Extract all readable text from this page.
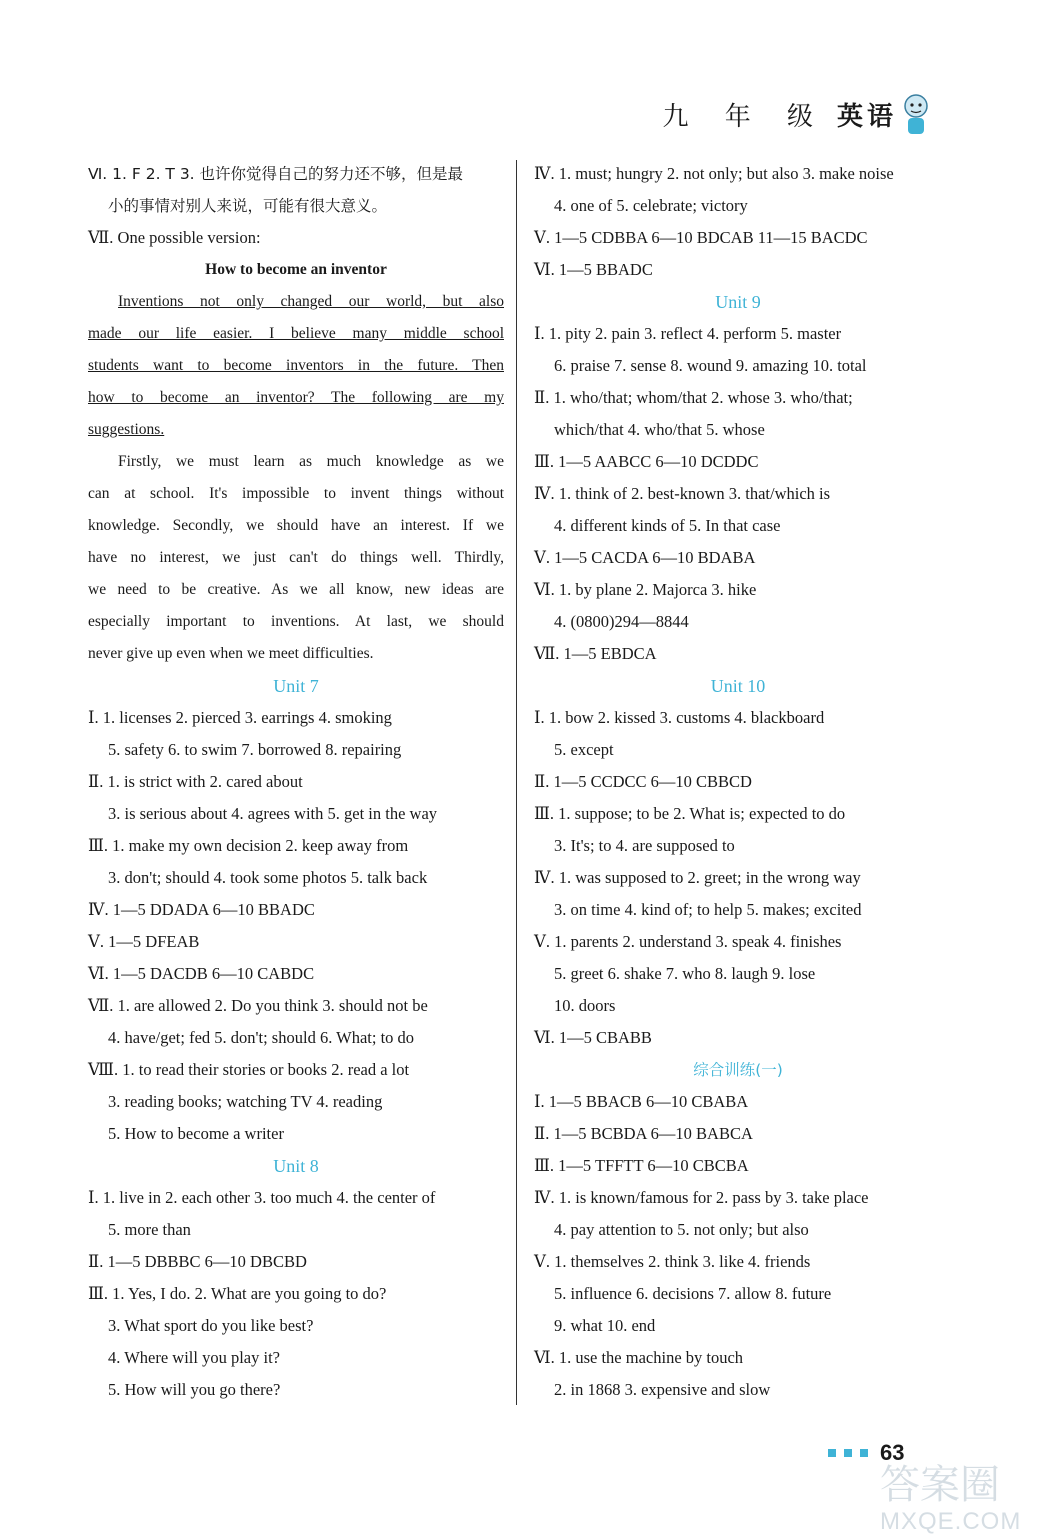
九 年 级 英语
Ⅵ. 1. F 2. T 3. 也许你觉得自己的努力还不够，但是最
小的事情对别人来说，可能有很大意义。
Ⅶ. One possible version:
How to become an inventor
Inventions not only changed our world, but also
made our life easier. I believe many middle school
students want to become inventors in the future. Then
how to become an inventor? The following are my
suggestions.
Firstly, we must learn as much knowledge as we
can at school. It's impossible to invent things without
knowledge. Secondly, we should have an interest. If we
have no interest, we just can't do things well. Thirdly,
we need to be creative. As we all know, new ideas are
especially important to inventions. At last, we should
never give up even when we meet difficulties.
Unit 7
Ⅰ. 1. licenses 2. pierced 3. earrings 4. smoking
5. safety 6. to swim 7. borrowed 8. repairing
Ⅱ. 1. is strict with 2. cared about
3. is serious about 4. agrees with 5. get in the way
Ⅲ. 1. make my own decision 2. keep away from
3. don't; should 4. took some photos 5. talk back
Ⅳ. 1—5 DDADA 6—10 BBADC
Ⅴ. 1—5 DFEAB
Ⅵ. 1—5 DACDB 6—10 CABDC
Ⅶ. 1. are allowed 2. Do you think 3. should not be
4. have/get; fed 5. don't; should 6. What; to do
Ⅷ. 1. to read their stories or books 2. read a lot
3. reading books; watching TV 4. reading
5. How to become a writer
Unit 8
Ⅰ. 1. live in 2. each other 3. too much 4. the center of
5. more than
Ⅱ. 1—5 DBBBC 6—10 DBCBD
Ⅲ. 1. Yes, I do. 2. What are you going to do?
3. What sport do you like best?
4. Where will you play it?
5. How will you go there?
Ⅳ. 1. must; hungry 2. not only; but also 3. make noise
4. one of 5. celebrate; victory
Ⅴ. 1—5 CDBBA 6—10 BDCAB 11—15 BACDC
Ⅵ. 1—5 BBADC
Unit 9
Ⅰ. 1. pity 2. pain 3. reflect 4. perform 5. master
6. praise 7. sense 8. wound 9. amazing 10. total
Ⅱ. 1. who/that; whom/that 2. whose 3. who/that;
which/that 4. who/that 5. whose
Ⅲ. 1—5 AABCC 6—10 DCDDC
Ⅳ. 1. think of 2. best-known 3. that/which is
4. different kinds of 5. In that case
Ⅴ. 1—5 CACDA 6—10 BDABA
Ⅵ. 1. by plane 2. Majorca 3. hike
4. (0800)294—8844
Ⅶ. 1—5 EBDCA
Unit 10
Ⅰ. 1. bow 2. kissed 3. customs 4. blackboard
5. except
Ⅱ. 1—5 CCDCC 6—10 CBBCD
Ⅲ. 1. suppose; to be 2. What is; expected to do
3. It's; to 4. are supposed to
Ⅳ. 1. was supposed to 2. greet; in the wrong way
3. on time 4. kind of; to help 5. makes; excited
Ⅴ. 1. parents 2. understand 3. speak 4. finishes
5. greet 6. shake 7. who 8. laugh 9. lose
10. doors
Ⅵ. 1—5 CBABB
综合训练(一)
Ⅰ. 1—5 BBACB 6—10 CBABA
Ⅱ. 1—5 BCBDA 6—10 BABCA
Ⅲ. 1—5 TFFTT 6—10 CBCBA
Ⅳ. 1. is known/famous for 2. pass by 3. take place
4. pay attention to 5. not only; but also
Ⅴ. 1. themselves 2. think 3. like 4. friends
5. influence 6. decisions 7. allow 8. future
9. what 10. end
Ⅵ. 1. use the machine by touch
2. in 1868 3. expensive and slow
63
答案圈
MXQE.COM
